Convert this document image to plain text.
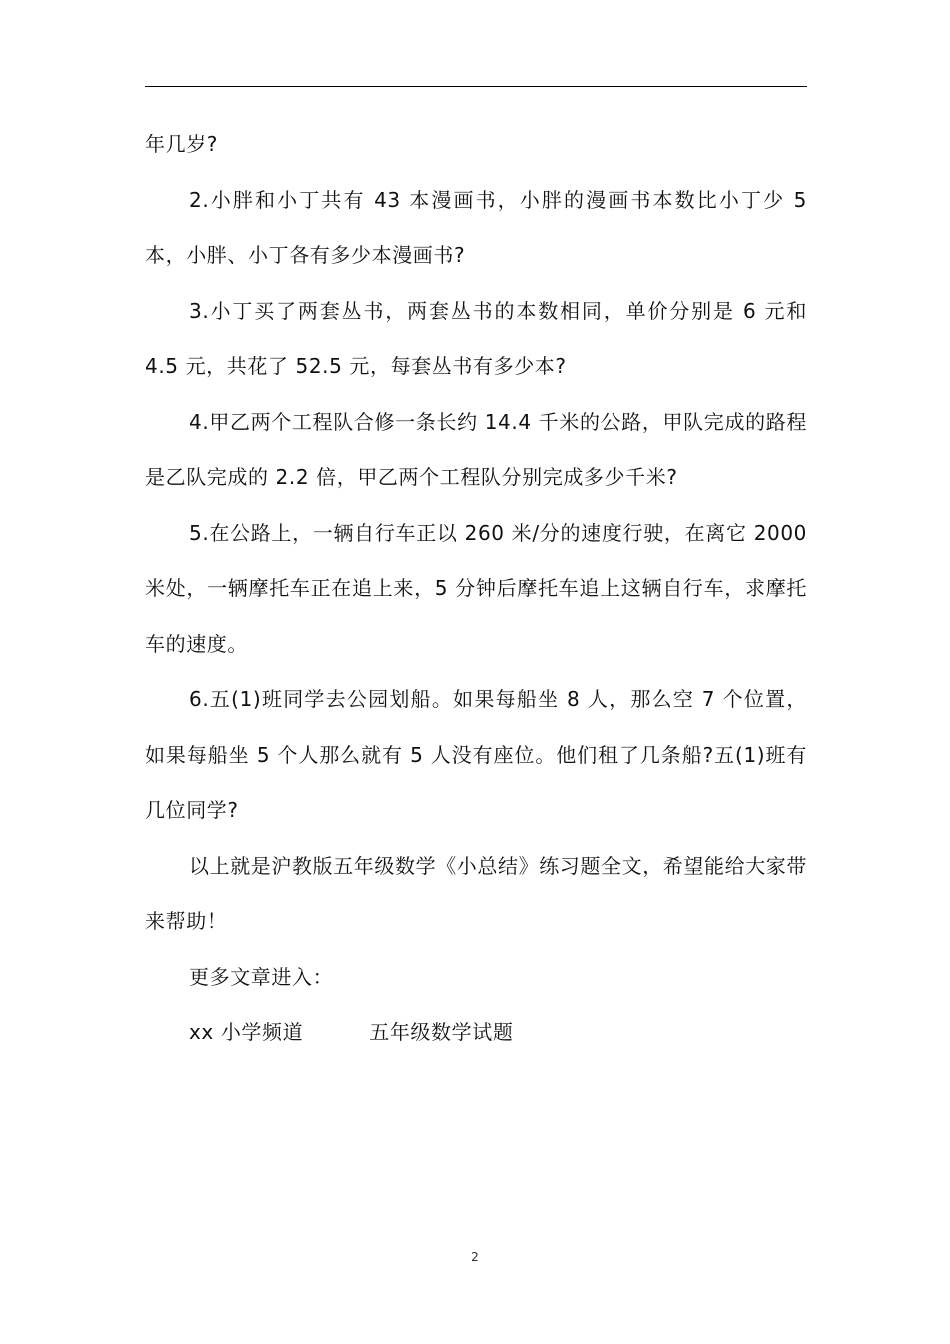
年几岁?

2.小胖和小丁共有 43 本漫画书，小胖的漫画书本数比小丁少 5 本，小胖、小丁各有多少本漫画书?

3.小丁买了两套丛书，两套丛书的本数相同，单价分别是 6 元和 4.5 元，共花了 52.5 元，每套丛书有多少本?

4.甲乙两个工程队合修一条长约 14.4 千米的公路，甲队完成的路程是乙队完成的 2.2 倍，甲乙两个工程队分别完成多少千米?

5.在公路上，一辆自行车正以 260 米/分的速度行驶，在离它 2000 米处，一辆摩托车正在追上来，5 分钟后摩托车追上这辆自行车，求摩托车的速度。

6.五(1)班同学去公园划船。如果每船坐 8 人，那么空 7 个位置，如果每船坐 5 个人那么就有 5 人没有座位。他们租了几条船?五(1)班有几位同学?

以上就是沪教版五年级数学《小总结》练习题全文，希望能给大家带来帮助！

更多文章进入：

xx 小学频道	五年级数学试题
2
